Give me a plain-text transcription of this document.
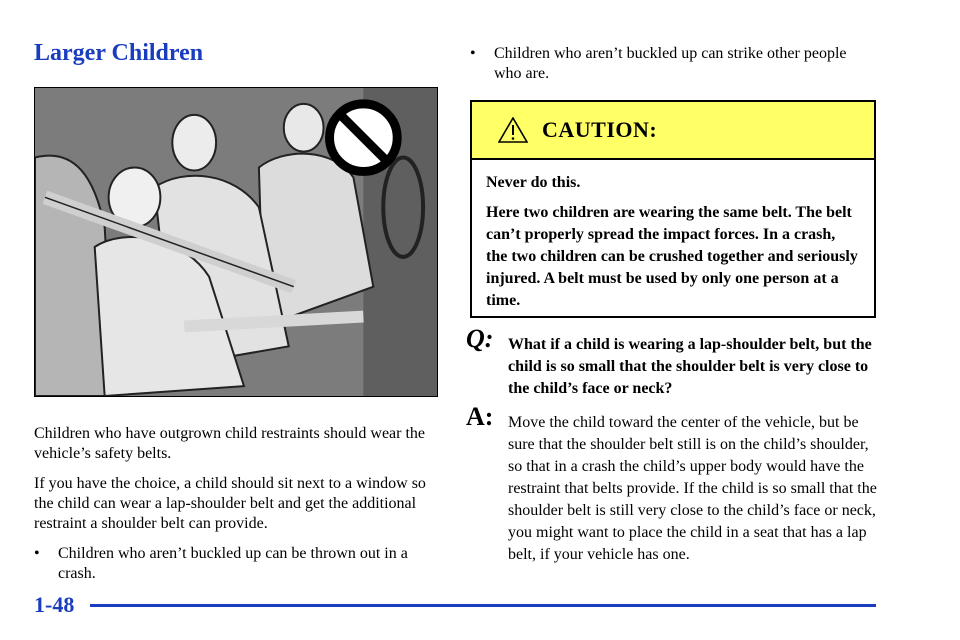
Larger Children

Children who have outgrown child restraints should wear the vehicle’s safety belts.

If you have the choice, a child should sit next to a window so the child can wear a lap‑shoulder belt and get the additional restraint a shoulder belt can provide.

• Children who aren’t buckled up can be thrown out in a crash.
• Children who aren’t buckled up can strike other people who are.
CAUTION:

Never do this.

Here two children are wearing the same belt. The belt can’t properly spread the impact forces. In a crash, the two children can be crushed together and seriously injured. A belt must be used by only one person at a time.

Q: What if a child is wearing a lap‑shoulder belt, but the child is so small that the shoulder belt is very close to the child’s face or neck?
A: Move the child toward the center of the vehicle, but be sure that the shoulder belt still is on the child’s shoulder, so that in a crash the child’s upper body would have the restraint that belts provide. If the child is so small that the shoulder belt is still very close to the child’s face or neck, you might want to place the child in a seat that has a lap belt, if your vehicle has one.
1-48
